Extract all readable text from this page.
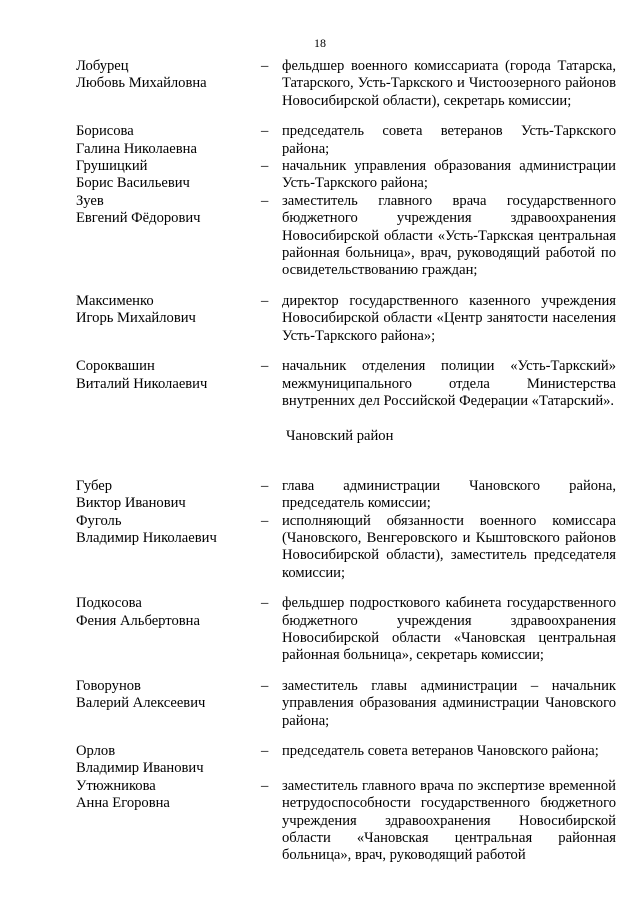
18
Лобурец
Любовь Михайловна
– фельдшер военного комиссариата (города Татарска, Татарского, Усть-Таркского и Чистоозерного районов Новосибирской области), секретарь комиссии;
Борисова
Галина Николаевна
– председатель совета ветеранов Усть-Таркского района;
Грушицкий
Борис Васильевич
– начальник управления образования администрации Усть-Таркского района;
Зуев
Евгений Фёдорович
– заместитель главного врача государственного бюджетного учреждения здравоохранения Новосибирской области «Усть-Таркская центральная районная больница», врач, руководящий работой по освидетельствованию граждан;
Максименко
Игорь Михайлович
– директор государственного казенного учреждения Новосибирской области «Центр занятости населения Усть-Таркского района»;
Сороквашин
Виталий Николаевич
– начальник отделения полиции «Усть-Таркский» межмуниципального отдела Министерства внутренних дел Российской Федерации «Татарский».
Чановский район
Губер
Виктор Иванович
– глава администрации Чановского района, председатель комиссии;
Фуголь
Владимир Николаевич
– исполняющий обязанности военного комиссара (Чановского, Венгеровского и Кыштовского районов Новосибирской области), заместитель председателя комиссии;
Подкосова
Фения Альбертовна
– фельдшер подросткового кабинета государственного бюджетного учреждения здравоохранения Новосибирской области «Чановская центральная районная больница», секретарь комиссии;
Говорунов
Валерий Алексеевич
– заместитель главы администрации – начальник управления образования администрации Чановского района;
Орлов
Владимир Иванович
– председатель совета ветеранов Чановского района;
Утюжникова
Анна Егоровна
– заместитель главного врача по экспертизе временной нетрудоспособности государственного бюджетного учреждения здравоохранения Новосибирской области «Чановская центральная районная больница», врач, руководящий работой
